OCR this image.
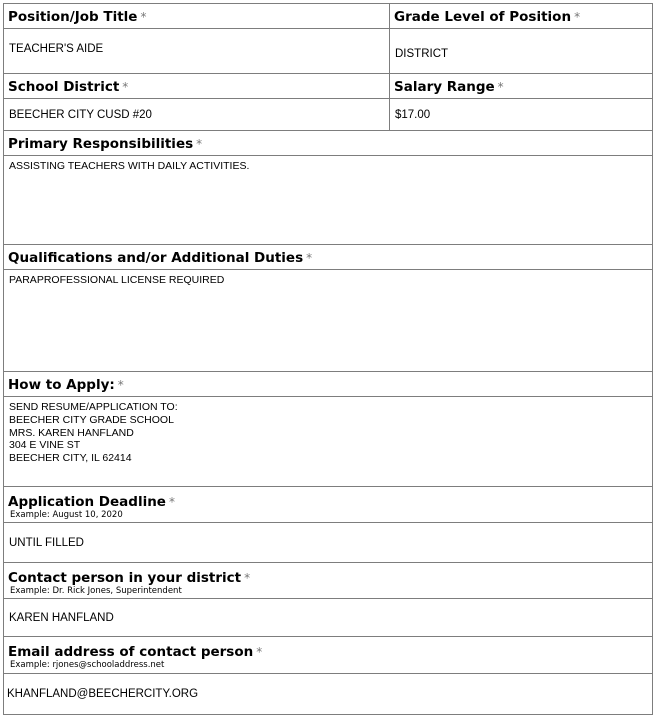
Position/Job Title *	Grade Level of Position *
TEACHER'S AIDE	DISTRICT
School District *	Salary Range *
BEECHER CITY CUSD #20	$17.00
Primary Responsibilities *
ASSISTING TEACHERS WITH DAILY ACTIVITIES.
Qualifications and/or Additional Duties *
PARAPROFESSIONAL LICENSE REQUIRED
How to Apply: *
SEND RESUME/APPLICATION TO:
BEECHER CITY GRADE SCHOOL
MRS. KAREN HANFLAND
304 E VINE ST
BEECHER CITY, IL 62414
Application Deadline *
Example: August 10, 2020
UNTIL FILLED
Contact person in your district *
Example: Dr. Rick Jones, Superintendent
KAREN HANFLAND
Email address of contact person *
Example: rjones@schooladdress.net
KHANFLAND@BEECHERCITY.ORG
